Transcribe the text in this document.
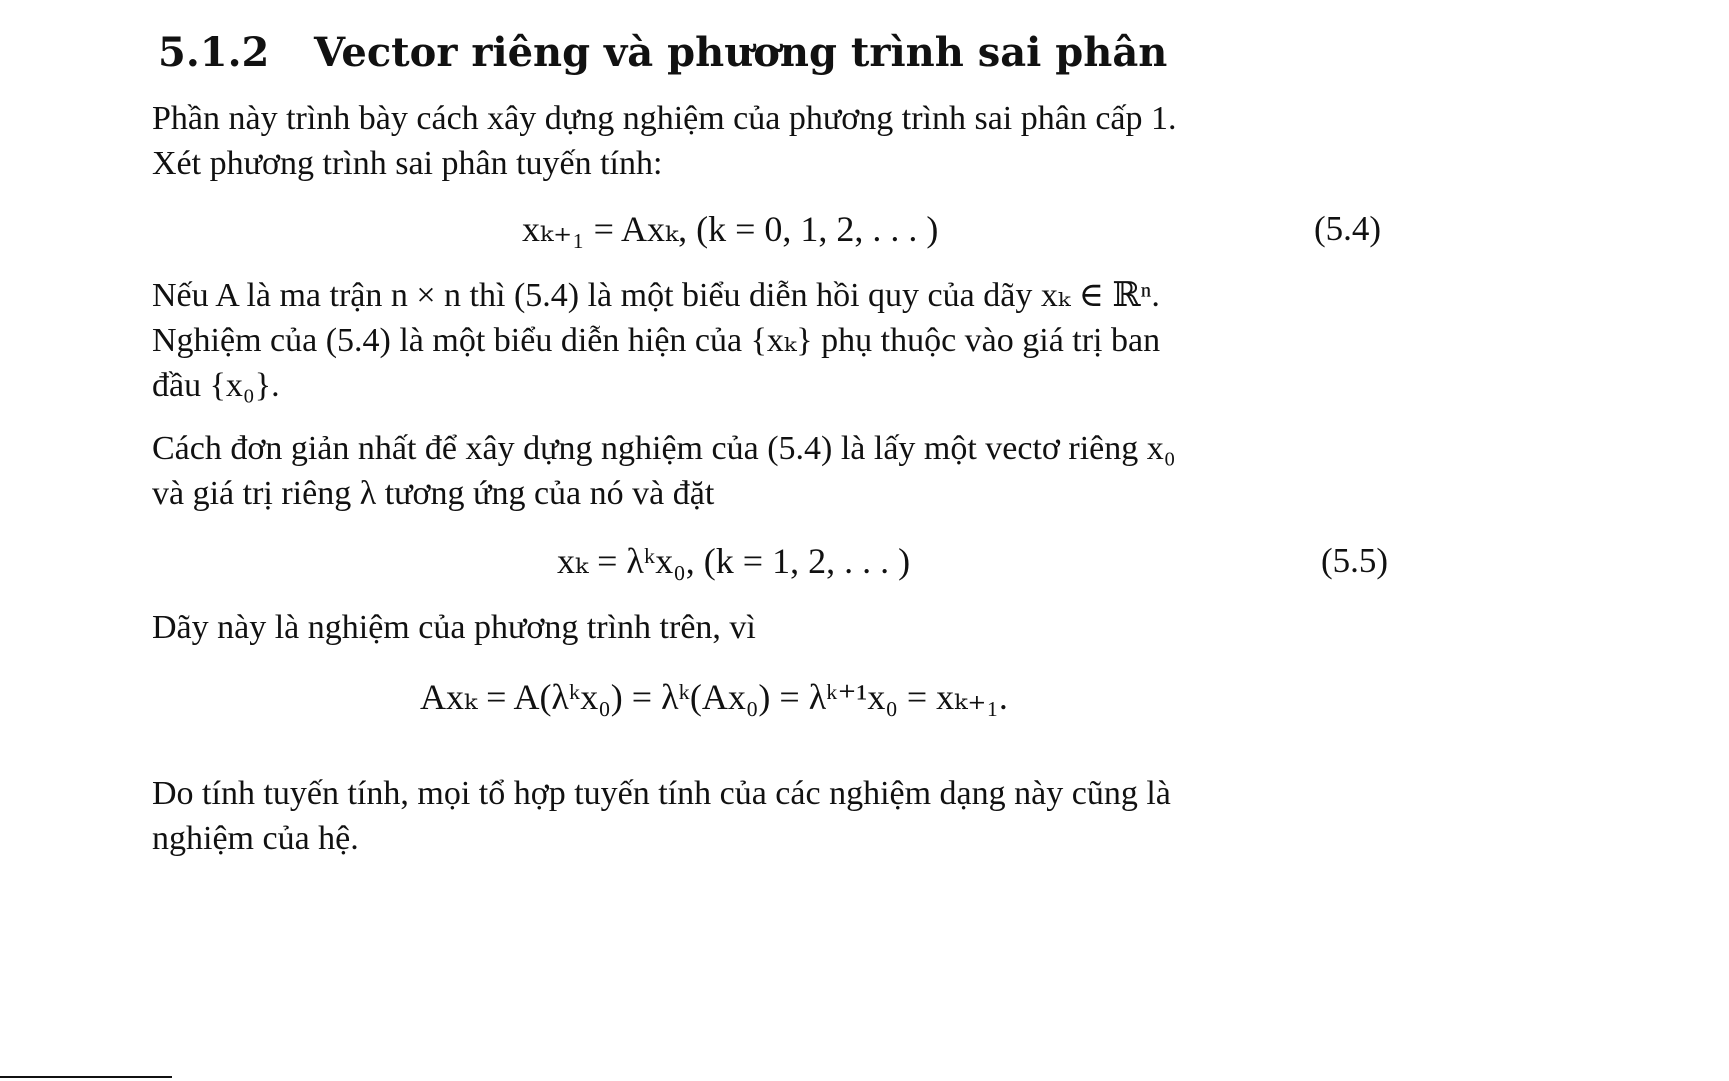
5.1.2 Vector riêng và phương trình sai phân
Phần này trình bày cách xây dựng nghiệm của phương trình sai phân cấp 1.
Xét phương trình sai phân tuyến tính:
xₖ₊₁ = Axₖ, (k = 0, 1, 2, . . . )	(5.4)
Nếu A là ma trận n × n thì (5.4) là một biểu diễn hồi quy của dãy xₖ ∈ ℝⁿ.
Nghiệm của (5.4) là một biểu diễn hiện của {xₖ} phụ thuộc vào giá trị ban
đầu {x₀}.
Cách đơn giản nhất để xây dựng nghiệm của (5.4) là lấy một vectơ riêng x₀
và giá trị riêng λ tương ứng của nó và đặt
xₖ = λᵏx₀, (k = 1, 2, . . . )	(5.5)
Dãy này là nghiệm của phương trình trên, vì
Axₖ = A(λᵏx₀) = λᵏ(Ax₀) = λᵏ⁺¹x₀ = xₖ₊₁.
Do tính tuyến tính, mọi tổ hợp tuyến tính của các nghiệm dạng này cũng là
nghiệm của hệ.
